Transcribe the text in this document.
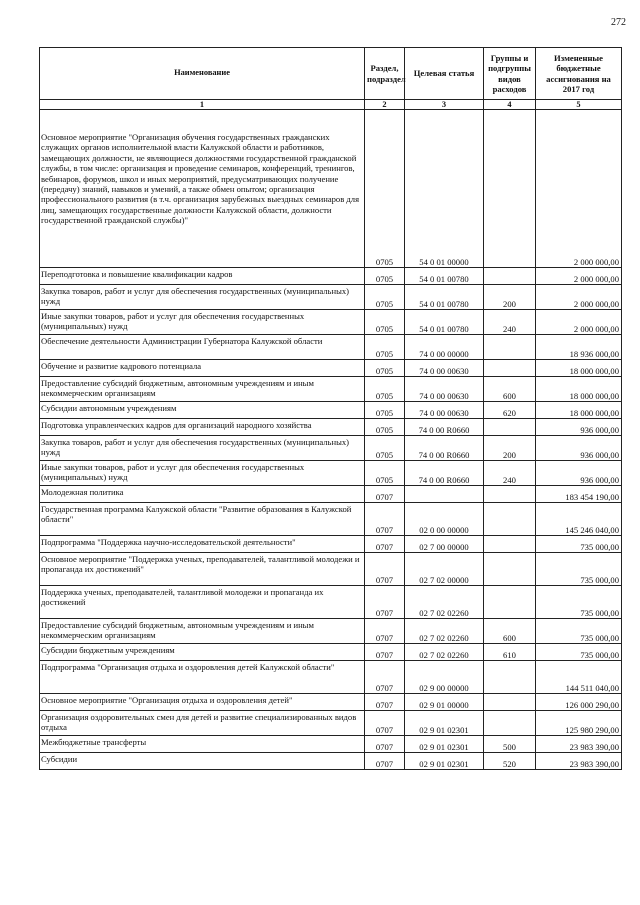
272
Наименование	Раздел, подраздел	Целевая статья	Группы и подгруппы видов расходов	Измененные бюджетные ассигнования на 2017 год
1	2	3	4	5
Основное мероприятие "Организация обучения государственных гражданских служащих органов исполнительной власти Калужской области и работников, замещающих должности, не являющиеся должностями государственной гражданской службы, в том числе: организация и проведение семинаров, конференций, тренингов, вебинаров, форумов, школ и иных мероприятий, предусматривающих получение (передачу) знаний, навыков и умений, а также обмен опытом; организация профессионального развития (в т.ч. организация зарубежных выездных семинаров для лиц, замещающих государственные должности Калужской области, должности государственной гражданской службы)"	0705	54 0 01 00000		2 000 000,00
Переподготовка и повышение квалификации кадров	0705	54 0 01 00780		2 000 000,00
Закупка товаров, работ и услуг для обеспечения государственных (муниципальных) нужд	0705	54 0 01 00780	200	2 000 000,00
Иные закупки товаров, работ и услуг для обеспечения государственных (муниципальных) нужд	0705	54 0 01 00780	240	2 000 000,00
Обеспечение деятельности Администрации Губернатора Калужской области	0705	74 0 00 00000		18 936 000,00
Обучение и развитие кадрового потенциала	0705	74 0 00 00630		18 000 000,00
Предоставление субсидий бюджетным, автономным учреждениям и иным некоммерческим организациям	0705	74 0 00 00630	600	18 000 000,00
Субсидии автономным учреждениям	0705	74 0 00 00630	620	18 000 000,00
Подготовка управленческих кадров для организаций народного хозяйства	0705	74 0 00 R0660		936 000,00
Закупка товаров, работ и услуг для обеспечения государственных (муниципальных) нужд	0705	74 0 00 R0660	200	936 000,00
Иные закупки товаров, работ и услуг для обеспечения государственных (муниципальных) нужд	0705	74 0 00 R0660	240	936 000,00
Молодежная политика	0707			183 454 190,00
Государственная программа Калужской области "Развитие образования в Калужской области"	0707	02 0 00 00000		145 246 040,00
Подпрограмма "Поддержка научно-исследовательской деятельности"	0707	02 7 00 00000		735 000,00
Основное мероприятие "Поддержка ученых, преподавателей, талантливой молодежи и пропаганда их достижений"	0707	02 7 02 00000		735 000,00
Поддержка ученых, преподавателей, талантливой молодежи и пропаганда их достижений	0707	02 7 02 02260		735 000,00
Предоставление субсидий бюджетным, автономным учреждениям и иным некоммерческим организациям	0707	02 7 02 02260	600	735 000,00
Субсидии бюджетным учреждениям	0707	02 7 02 02260	610	735 000,00
Подпрограмма "Организация отдыха и оздоровления детей Калужской области"	0707	02 9 00 00000		144 511 040,00
Основное мероприятие "Организация отдыха и оздоровления детей"	0707	02 9 01 00000		126 000 290,00
Организация оздоровительных смен для детей и развитие специализированных видов отдыха	0707	02 9 01 02301		125 980 290,00
Межбюджетные трансферты	0707	02 9 01 02301	500	23 983 390,00
Субсидии	0707	02 9 01 02301	520	23 983 390,00
